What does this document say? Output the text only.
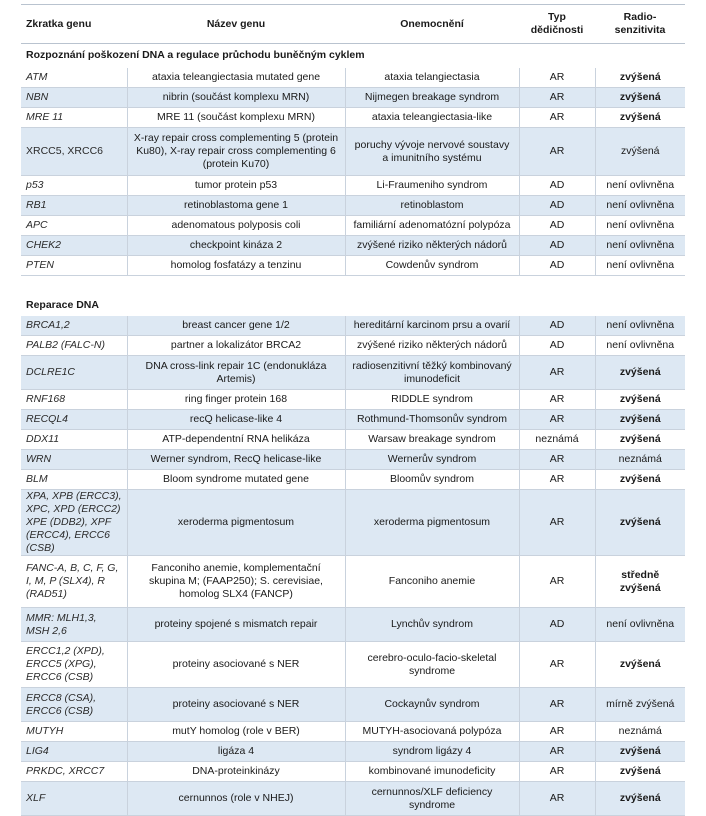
Zkratka genu	Název genu	Onemocnění	Typ dědičnosti	Radio-senzitivita
Rozpoznání poškození DNA a regulace průchodu buněčným cyklem				
ATM	ataxia teleangiectasia mutated gene	ataxia telangiectasia	AR	zvýšená
NBN	nibrin (součást komplexu MRN)	Nijmegen breakage syndrom	AR	zvýšená
MRE 11	MRE 11 (součást komplexu MRN)	ataxia teleangiectasia-like	AR	zvýšená
XRCC5, XRCC6	X-ray repair cross complementing 5 (protein Ku80), X-ray repair cross complementing 6 (protein Ku70)	poruchy vývoje nervové soustavy a imunitního systému	AR	zvýšená
p53	tumor protein p53	Li-Fraumeniho syndrom	AD	není ovlivněna
RB1	retinoblastoma gene 1	retinoblastom	AD	není ovlivněna
APC	adenomatous polyposis coli	familiární adenomatózní polypóza	AD	není ovlivněna
CHEK2	checkpoint kináza 2	zvýšené riziko některých nádorů	AD	není ovlivněna
PTEN	homolog fosfatázy a tenzinu	Cowdenův syndrom	AD	není ovlivněna

Reparace DNA				
BRCA1,2	breast cancer gene 1/2	hereditární karcinom prsu a ovarií	AD	není ovlivněna
PALB2 (FALC-N)	partner a lokalizátor BRCA2	zvýšené riziko některých nádorů	AD	není ovlivněna
DCLRE1C	DNA cross-link repair 1C (endonukláza Artemis)	radiosenzitivní těžký kombinovaný imunodeficit	AR	zvýšená
RNF168	ring finger protein 168	RIDDLE syndrom	AR	zvýšená
RECQL4	recQ helicase-like 4	Rothmund-Thomsonův syndrom	AR	zvýšená
DDX11	ATP-dependentní RNA helikáza	Warsaw breakage syndrom	neznámá	zvýšená
WRN	Werner syndrom, RecQ helicase-like	Wernerův syndrom	AR	neznámá
BLM	Bloom syndrome mutated gene	Bloomův syndrom	AR	zvýšená
XPA, XPB (ERCC3), XPC, XPD (ERCC2) XPE (DDB2), XPF (ERCC4), ERCC6 (CSB)	xeroderma pigmentosum	xeroderma pigmentosum	AR	zvýšená
FANC-A, B, C, F, G, I, M, P (SLX4), R (RAD51)	Fanconiho anemie, komplementační skupina M; (FAAP250); S. cerevisiae, homolog SLX4 (FANCP)	Fanconiho anemie	AR	středně zvýšená
MMR: MLH1,3, MSH 2,6	proteiny spojené s mismatch repair	Lynchův syndrom	AD	není ovlivněna
ERCC1,2 (XPD), ERCC5 (XPG), ERCC6 (CSB)	proteiny asociované s NER	cerebro-oculo-facio-skeletal syndrome	AR	zvýšená
ERCC8 (CSA), ERCC6 (CSB)	proteiny asociované s NER	Cockaynův syndrom	AR	mírně zvýšená
MUTYH	mutY homolog (role v BER)	MUTYH-asociovaná polypóza	AR	neznámá
LIG4	ligáza 4	syndrom ligázy 4	AR	zvýšená
PRKDC, XRCC7	DNA-proteinkinázy	kombinované imunodeficity	AR	zvýšená
XLF	cernunnos (role v NHEJ)	cernunnos/XLF deficiency syndrome	AR	zvýšená
